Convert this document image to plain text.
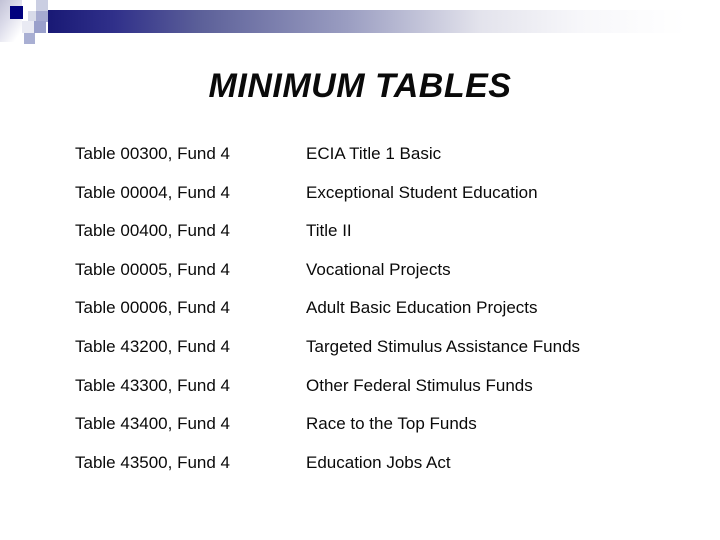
MINIMUM TABLES
Table 00300, Fund 4	ECIA Title 1 Basic
Table 00004, Fund 4	Exceptional Student Education
Table 00400, Fund 4	Title II
Table 00005, Fund 4	Vocational Projects
Table 00006, Fund 4	Adult Basic Education Projects
Table 43200, Fund 4	Targeted Stimulus Assistance Funds
Table 43300, Fund 4	Other Federal Stimulus Funds
Table 43400, Fund 4	Race to the Top Funds
Table 43500, Fund 4	Education Jobs Act
